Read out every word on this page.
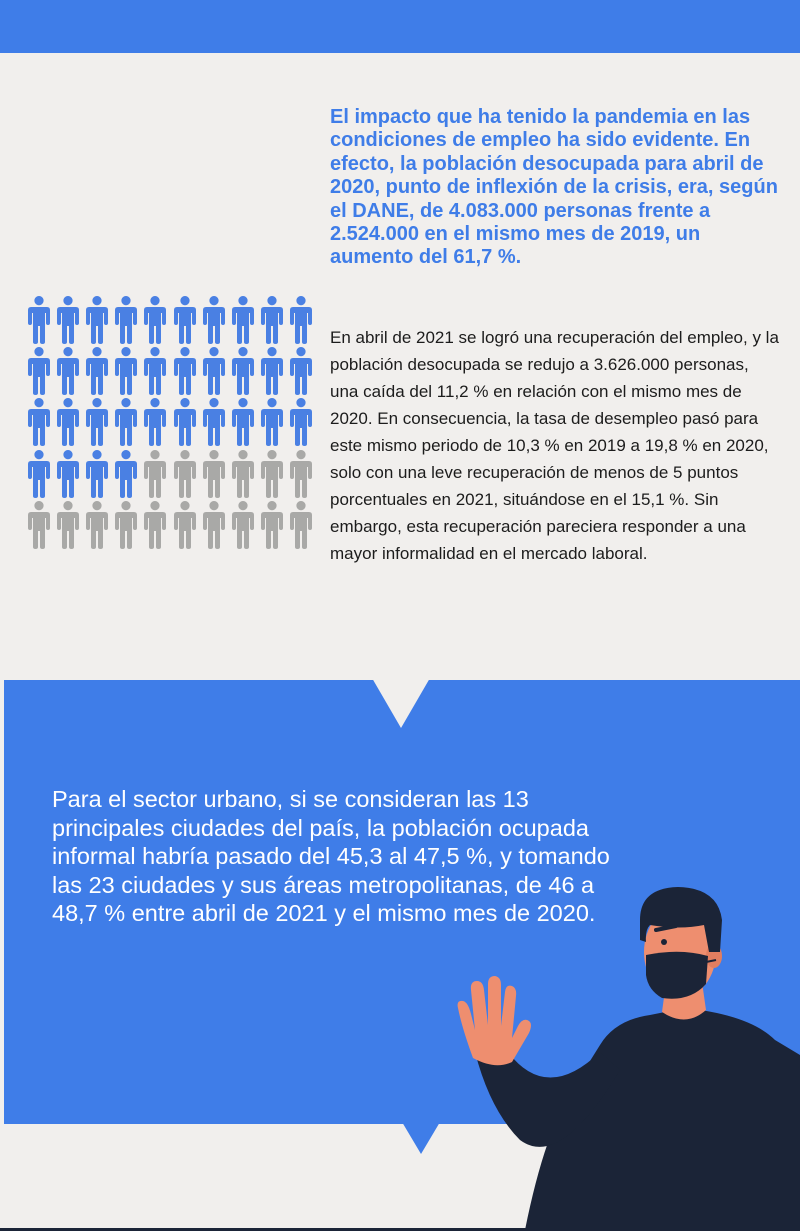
El impacto que ha tenido la pandemia en las condiciones de empleo ha sido evidente. En efecto, la población desocupada para abril de 2020, punto de inflexión de la crisis, era, según el DANE, de 4.083.000 personas frente a 2.524.000 en el mismo mes de 2019, un aumento del 61,7 %.

En abril de 2021 se logró una recuperación del empleo, y la población desocupada se redujo a 3.626.000 personas, una caída del 11,2 % en relación con el mismo mes de 2020. En consecuencia, la tasa de desempleo pasó para este mismo periodo de 10,3 % en 2019 a 19,8 % en 2020, solo con una leve recuperación de menos de 5 puntos porcentuales en 2021, situándose en el 15,1 %. Sin embargo, esta recuperación pareciera responder a una mayor informalidad en el mercado laboral.

Para el sector urbano, si se consideran las 13 principales ciudades del país, la población ocupada informal habría pasado del 45,3 al 47,5 %, y tomando las 23 ciudades y sus áreas metropolitanas, de 46 a 48,7 % entre abril de 2021 y el mismo mes de 2020.
